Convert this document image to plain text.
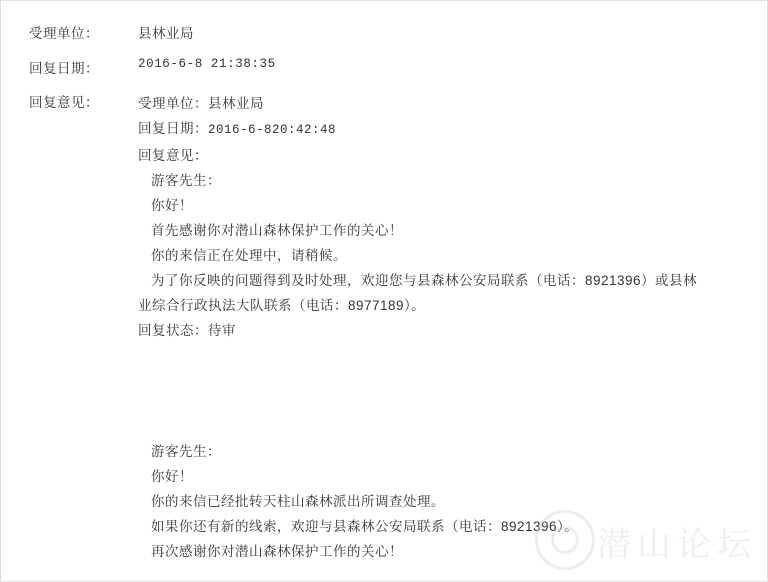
受理单位：	县林业局
回复日期：	2016-6-8 21:38:35
回复意见：	受理单位：县林业局
回复日期：2016-6-820:42:48
回复意见：
游客先生：
你好！
首先感谢你对潜山森林保护工作的关心！
你的来信正在处理中，请稍候。
为了你反映的问题得到及时处理，欢迎您与县森林公安局联系（电话：8921396）或县林业综合行政执法大队联系（电话：8977189）。
回复状态：待审
游客先生：
你好！
你的来信已经批转天柱山森林派出所调查处理。
如果你还有新的线索，欢迎与县森林公安局联系（电话：8921396）。
再次感谢你对潜山森林保护工作的关心！	潜山论坛
